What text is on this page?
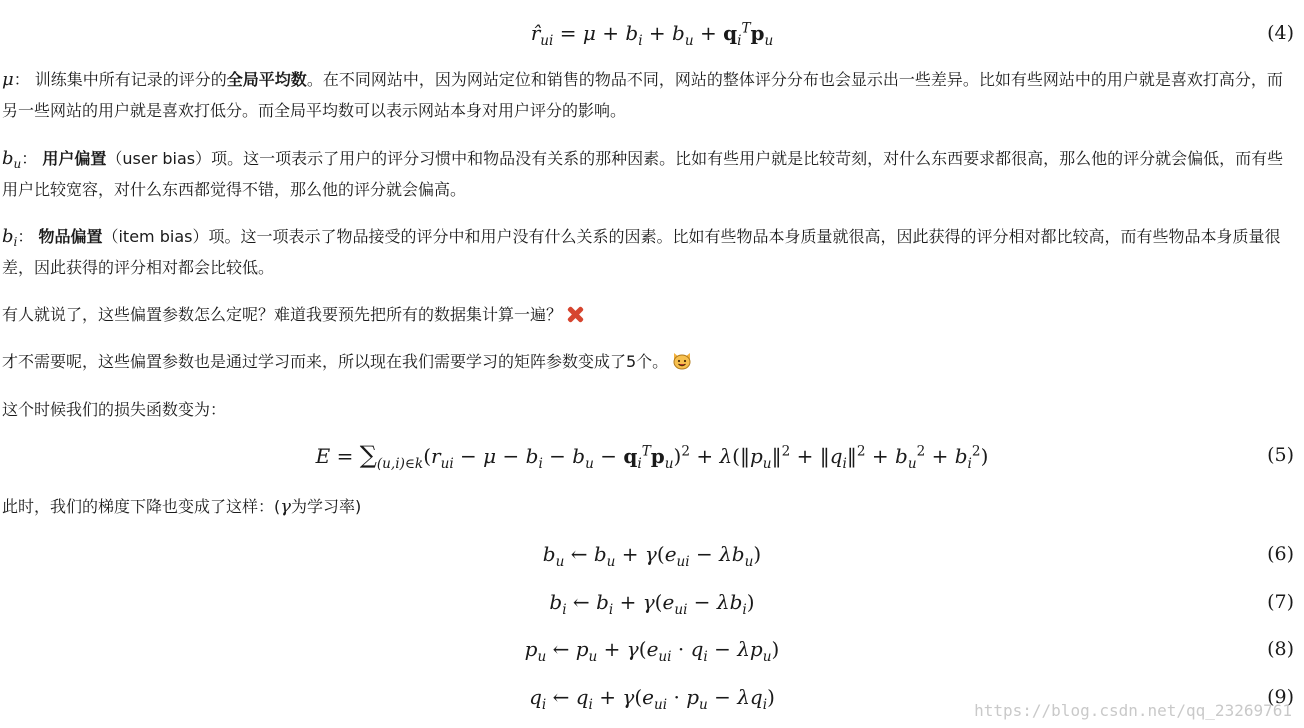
$r̂_{ui} = \mu + b_i + b_u + q_i^Tp_u$	(4)
μ： 训练集中所有记录的评分的全局平均数。在不同网站中，因为网站定位和销售的物品不同，网站的整体评分分布也会显示出一些差异。比如有些网站中的用户就是喜欢打高分，而另一些网站的用户就是喜欢打低分。而全局平均数可以表示网站本身对用户评分的影响。
$b_u$： 用户偏置（user bias）项。这一项表示了用户的评分习惯中和物品没有关系的那种因素。比如有些用户就是比较苛刻，对什么东西要求都很高，那么他的评分就会偏低，而有些用户比较宽容，对什么东西都觉得不错，那么他的评分就会偏高。
$b_i$： 物品偏置（item bias）项。这一项表示了物品接受的评分中和用户没有什么关系的因素。比如有些物品本身质量就很高，因此获得的评分相对都比较高，而有些物品本身质量很差，因此获得的评分相对都会比较低。
有人就说了，这些偏置参数怎么定呢？难道我要预先把所有的数据集计算一遍？
才不需要呢，这些偏置参数也是通过学习而来，所以现在我们需要学习的矩阵参数变成了5个。
这个时候我们的损失函数变为：
$E = \sum_{(u,i)\in k}(r_{ui} - \mu - b_i - b_u - q_i^Tp_u)^2$ + $\lambda(‖p_u‖^2$ + $‖q_i‖^2 + b_u^2 + b_i^2$)	(5)
此时，我们的梯度下降也变成了这样：(γ为学习率)
$b_u$ ← $b_u + \gamma(e_{ui} - \lambda b_u)$	(6)
$b_i$ ← $b_i + \gamma(e_{ui} - \lambda b_i)$	(7)
$p_u$ ← $p_u + \gamma(e_{ui} \cdot q_i - \lambda p_u)$	(8)
$q_i$ ← $q_i + \gamma(e_{ui} \cdot p_u - \lambda q_i)$	(9)
https://blog.csdn.net/qq_23269761
